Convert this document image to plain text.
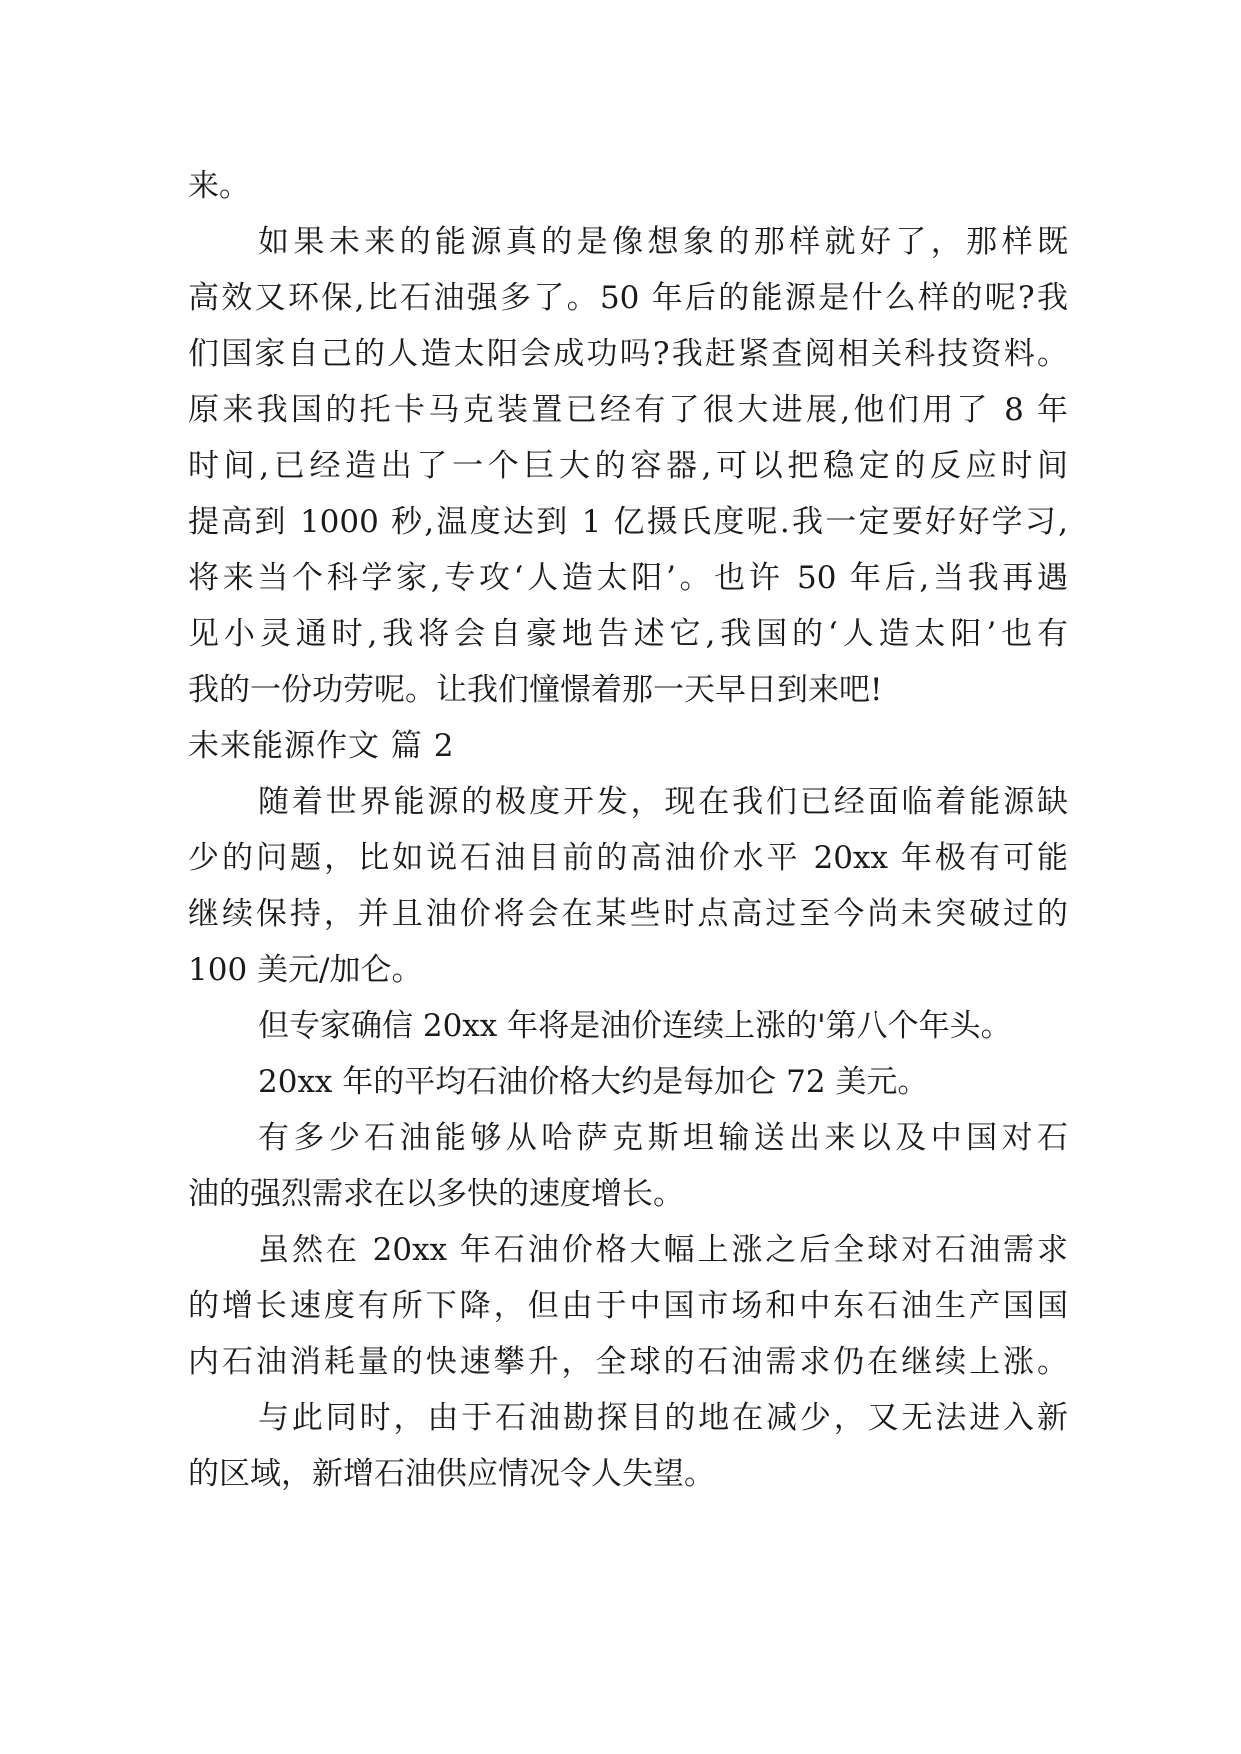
来。
如果未来的能源真的是像想象的那样就好了，那样既
高效又环保,比石油强多了。50 年后的能源是什么样的呢?我
们国家自己的人造太阳会成功吗?我赶紧查阅相关科技资料。
原来我国的托卡马克装置已经有了很大进展,他们用了 8 年
时间,已经造出了一个巨大的容器,可以把稳定的反应时间
提高到 1000 秒,温度达到 1 亿摄氏度呢.我一定要好好学习,
将来当个科学家,专攻‘人造太阳’。也许 50 年后,当我再遇
见小灵通时,我将会自豪地告述它,我国的‘人造太阳’也有
我的一份功劳呢。让我们憧憬着那一天早日到来吧!
未来能源作文 篇 2
随着世界能源的极度开发，现在我们已经面临着能源缺
少的问题，比如说石油目前的高油价水平 20xx 年极有可能
继续保持，并且油价将会在某些时点高过至今尚未突破过的
100 美元/加仑。
但专家确信 20xx 年将是油价连续上涨的'第八个年头。
20xx 年的平均石油价格大约是每加仑 72 美元。
有多少石油能够从哈萨克斯坦输送出来以及中国对石
油的强烈需求在以多快的速度增长。
虽然在 20xx 年石油价格大幅上涨之后全球对石油需求
的增长速度有所下降，但由于中国市场和中东石油生产国国
内石油消耗量的快速攀升，全球的石油需求仍在继续上涨。
与此同时，由于石油勘探目的地在减少，又无法进入新
的区域，新增石油供应情况令人失望。
